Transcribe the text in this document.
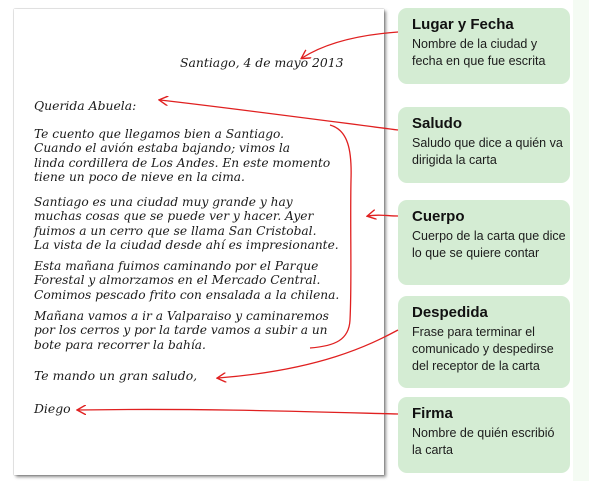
Santiago, 4 de mayo 2013
Querida Abuela:
Te cuento que llegamos bien a Santiago.
Cuando el avión estaba bajando; vimos la
linda cordillera de Los Andes. En este momento
tiene un poco de nieve en la cima.
Santiago es una ciudad muy grande y hay
muchas cosas que se puede ver y hacer. Ayer
fuimos a un cerro que se llama San Cristobal.
La vista de la ciudad desde ahí es impresionante.
Esta mañana fuimos caminando por el Parque
Forestal y almorzamos en el Mercado Central.
Comimos pescado frito con ensalada a la chilena.
Mañana vamos a ir a Valparaiso y caminaremos
por los cerros y por la tarde vamos a subir a un
bote para recorrer la bahía.
Te mando un gran saludo,
Diego
Lugar y Fecha
Nombre de la ciudad y fecha en que fue escrita
Saludo
Saludo que dice a quién va dirigida la carta
Cuerpo
Cuerpo de la carta que dice lo que se quiere contar
Despedida
Frase para terminar el comunicado y despedirse del receptor de la carta
Firma
Nombre de quién escribió la carta
